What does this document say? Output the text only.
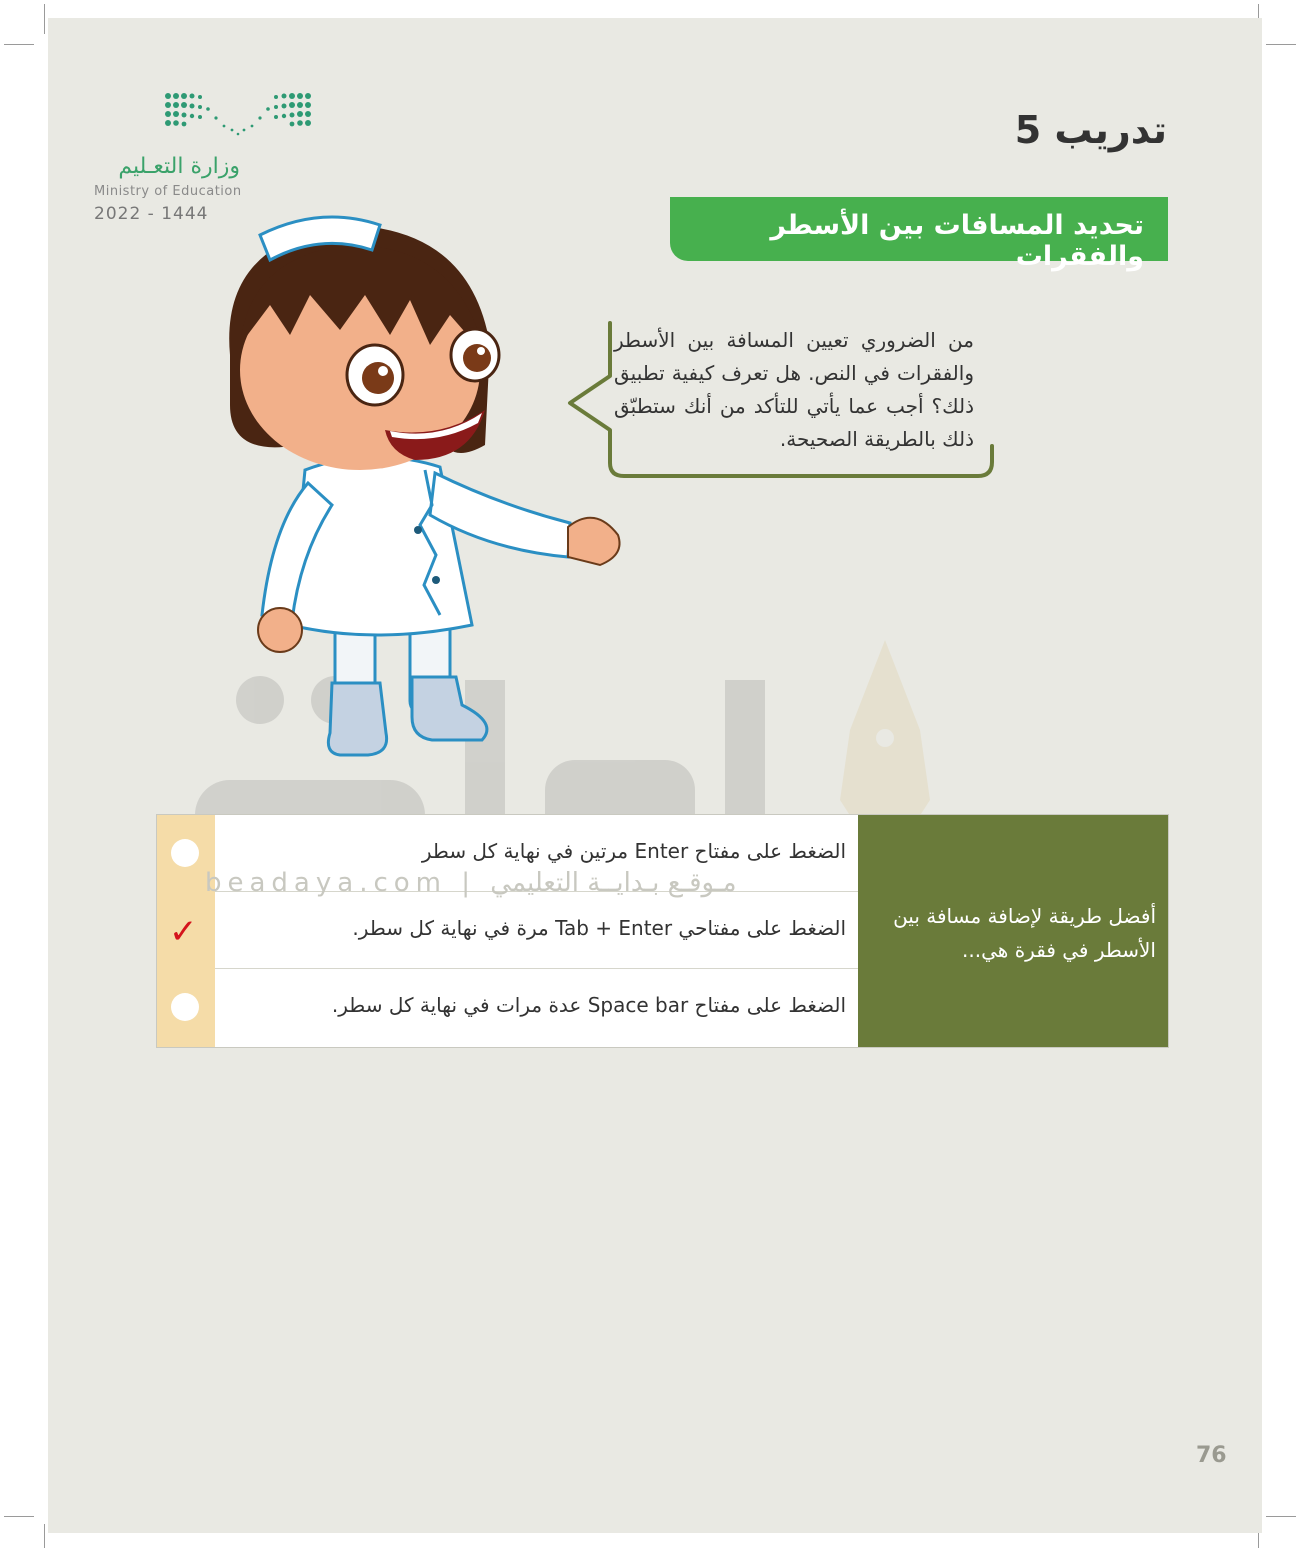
وزارة التعـليم
Ministry of Education
2022 - 1444
تدريب 5
تحديد المسافات بين الأسطر والفقرات
من الضروري تعيين المسافة بين الأسطر والفقرات في النص. هل تعرف كيفية تطبيق ذلك؟ أجب عما يأتي للتأكد من أنك ستطبّق ذلك بالطريقة الصحيحة.
أفضل طريقة لإضافة مسافة بين الأسطر في فقرة هي...
✓
الضغط على مفتاح Enter مرتين في نهاية كل سطر
الضغط على مفتاحي Tab + Enter مرة في نهاية كل سطر.
الضغط على مفتاح Space bar عدة مرات في نهاية كل سطر.
beadaya.com | مـوقـع بـدايــة التعليمي
76
